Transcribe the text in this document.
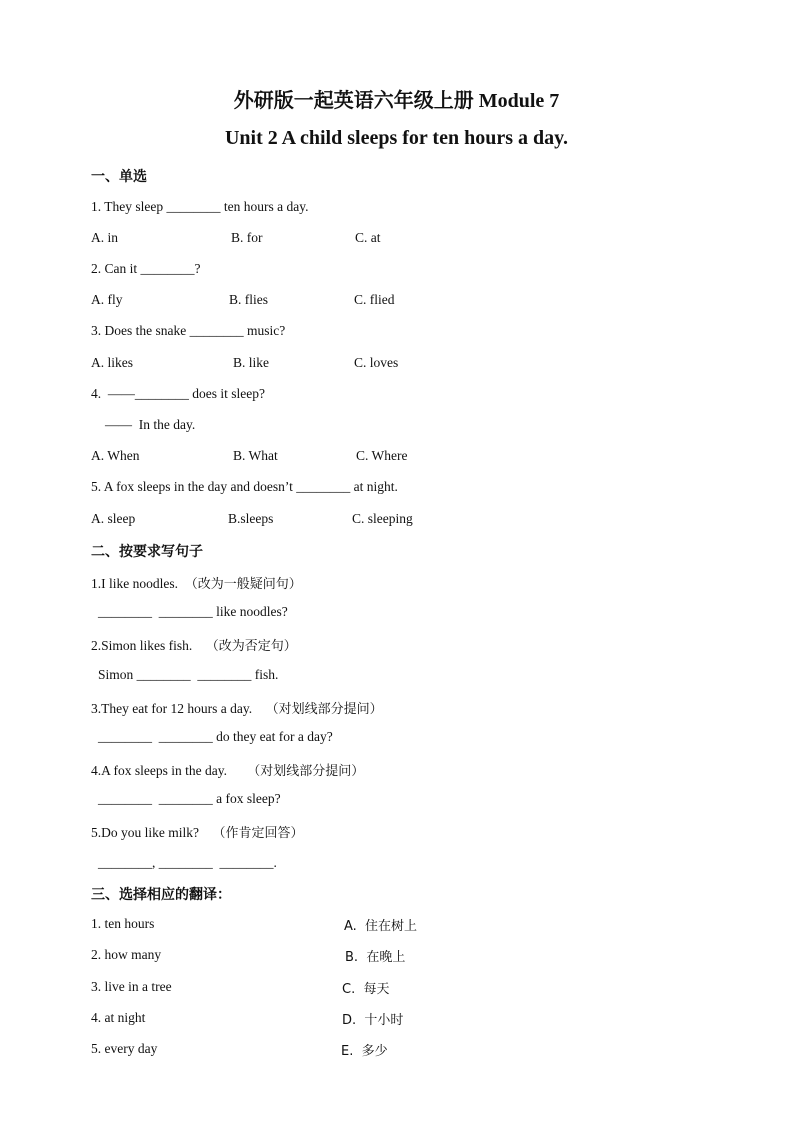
外研版一起英语六年级上册 Module 7
Unit 2 A child sleeps for ten hours a day.
一、单选
1. They sleep ________ ten hours a day.
A. in	B. for	C. at
2. Can it ________?
A. fly	B. flies	C. flied
3. Does the snake ________ music?
A. likes	B. like	C. loves
4.  ——________ does it sleep?
——  In the day.
A. When	B. What	C. Where
5. A fox sleeps in the day and doesn’t ________ at night.
A. sleep	B.sleeps	C. sleeping
二、按要求写句子
1.I like noodles. （改为一般疑问句）
________  ________ like noodles?
2.Simon likes fish. （改为否定句）
Simon ________  ________ fish.
3.They eat for 12 hours a day. （对划线部分提问）
________  ________ do they eat for a day?
4.A fox sleeps in the day. （对划线部分提问）
________  ________ a fox sleep?
5.Do you like milk? （作肯定回答）
________, ________  ________.
三、选择相应的翻译：
1. ten hours	A.  住在树上
2. how many	B.  在晚上
3. live in a tree	C.  每天
4. at night	D.  十小时
5. every day	E.  多少
